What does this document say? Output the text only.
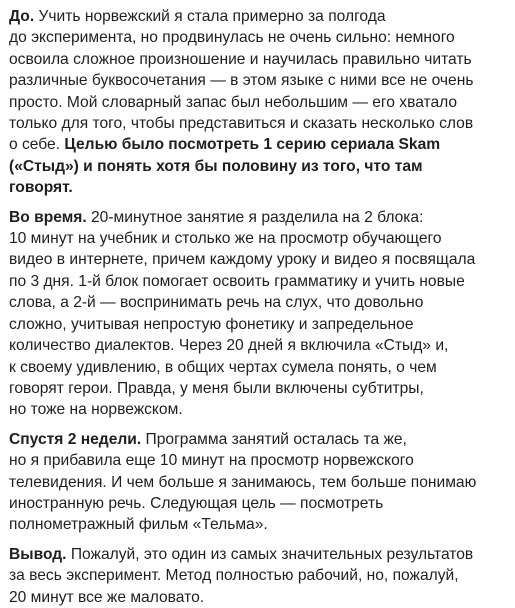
До. Учить норвежский я стала примерно за полгода
до эксперимента, но продвинулась не очень сильно: немного
освоила сложное произношение и научилась правильно читать
различные буквосочетания — в этом языке с ними все не очень
просто. Мой словарный запас был небольшим — его хватало
только для того, чтобы представиться и сказать несколько слов
о себе. Целью было посмотреть 1 серию сериала Skam
(«Стыд») и понять хотя бы половину из того, что там
говорят.
Во время. 20-минутное занятие я разделила на 2 блока:
10 минут на учебник и столько же на просмотр обучающего
видео в интернете, причем каждому уроку и видео я посвящала
по 3 дня. 1-й блок помогает освоить грамматику и учить новые
слова, а 2-й — воспринимать речь на слух, что довольно
сложно, учитывая непростую фонетику и запредельное
количество диалектов. Через 20 дней я включила «Стыд» и,
к своему удивлению, в общих чертах сумела понять, о чем
говорят герои. Правда, у меня были включены субтитры,
но тоже на норвежском.
Спустя 2 недели. Программа занятий осталась та же,
но я прибавила еще 10 минут на просмотр норвежского
телевидения. И чем больше я занимаюсь, тем больше понимаю
иностранную речь. Следующая цель — посмотреть
полнометражный фильм «Тельма».
Вывод. Пожалуй, это один из самых значительных результатов
за весь эксперимент. Метод полностью рабочий, но, пожалуй,
20 минут все же маловато.
